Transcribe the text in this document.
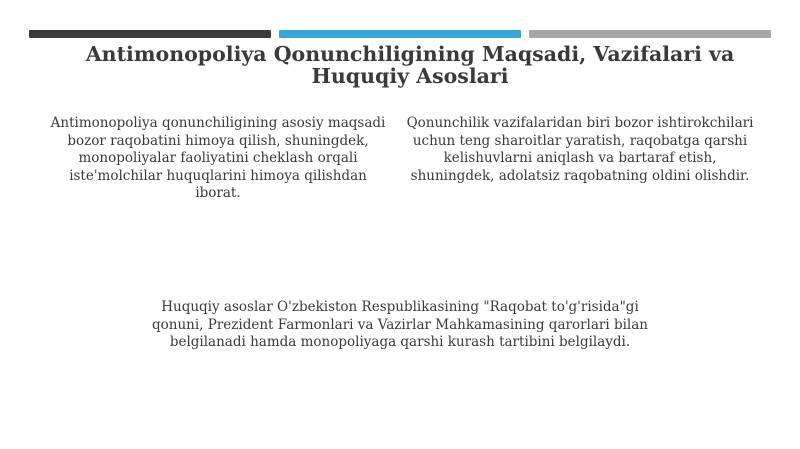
Antimonopoliya Qonunchiligining Maqsadi, Vazifalari va Huquqiy Asoslari

Antimonopoliya qonunchiligining asosiy maqsadi bozor raqobatini himoya qilish, shuningdek, monopoliyalar faoliyatini cheklash orqali iste'molchilar huquqlarini himoya qilishdan iborat.

Qonunchilik vazifalaridan biri bozor ishtirokchilari uchun teng sharoitlar yaratish, raqobatga qarshi kelishuvlarni aniqlash va bartaraf etish, shuningdek, adolatsiz raqobatning oldini olishdir.

Huquqiy asoslar O'zbekiston Respublikasining "Raqobat to'g'risida"gi qonuni, Prezident Farmonlari va Vazirlar Mahkamasining qarorlari bilan belgilanadi hamda monopoliyaga qarshi kurash tartibini belgilaydi.
